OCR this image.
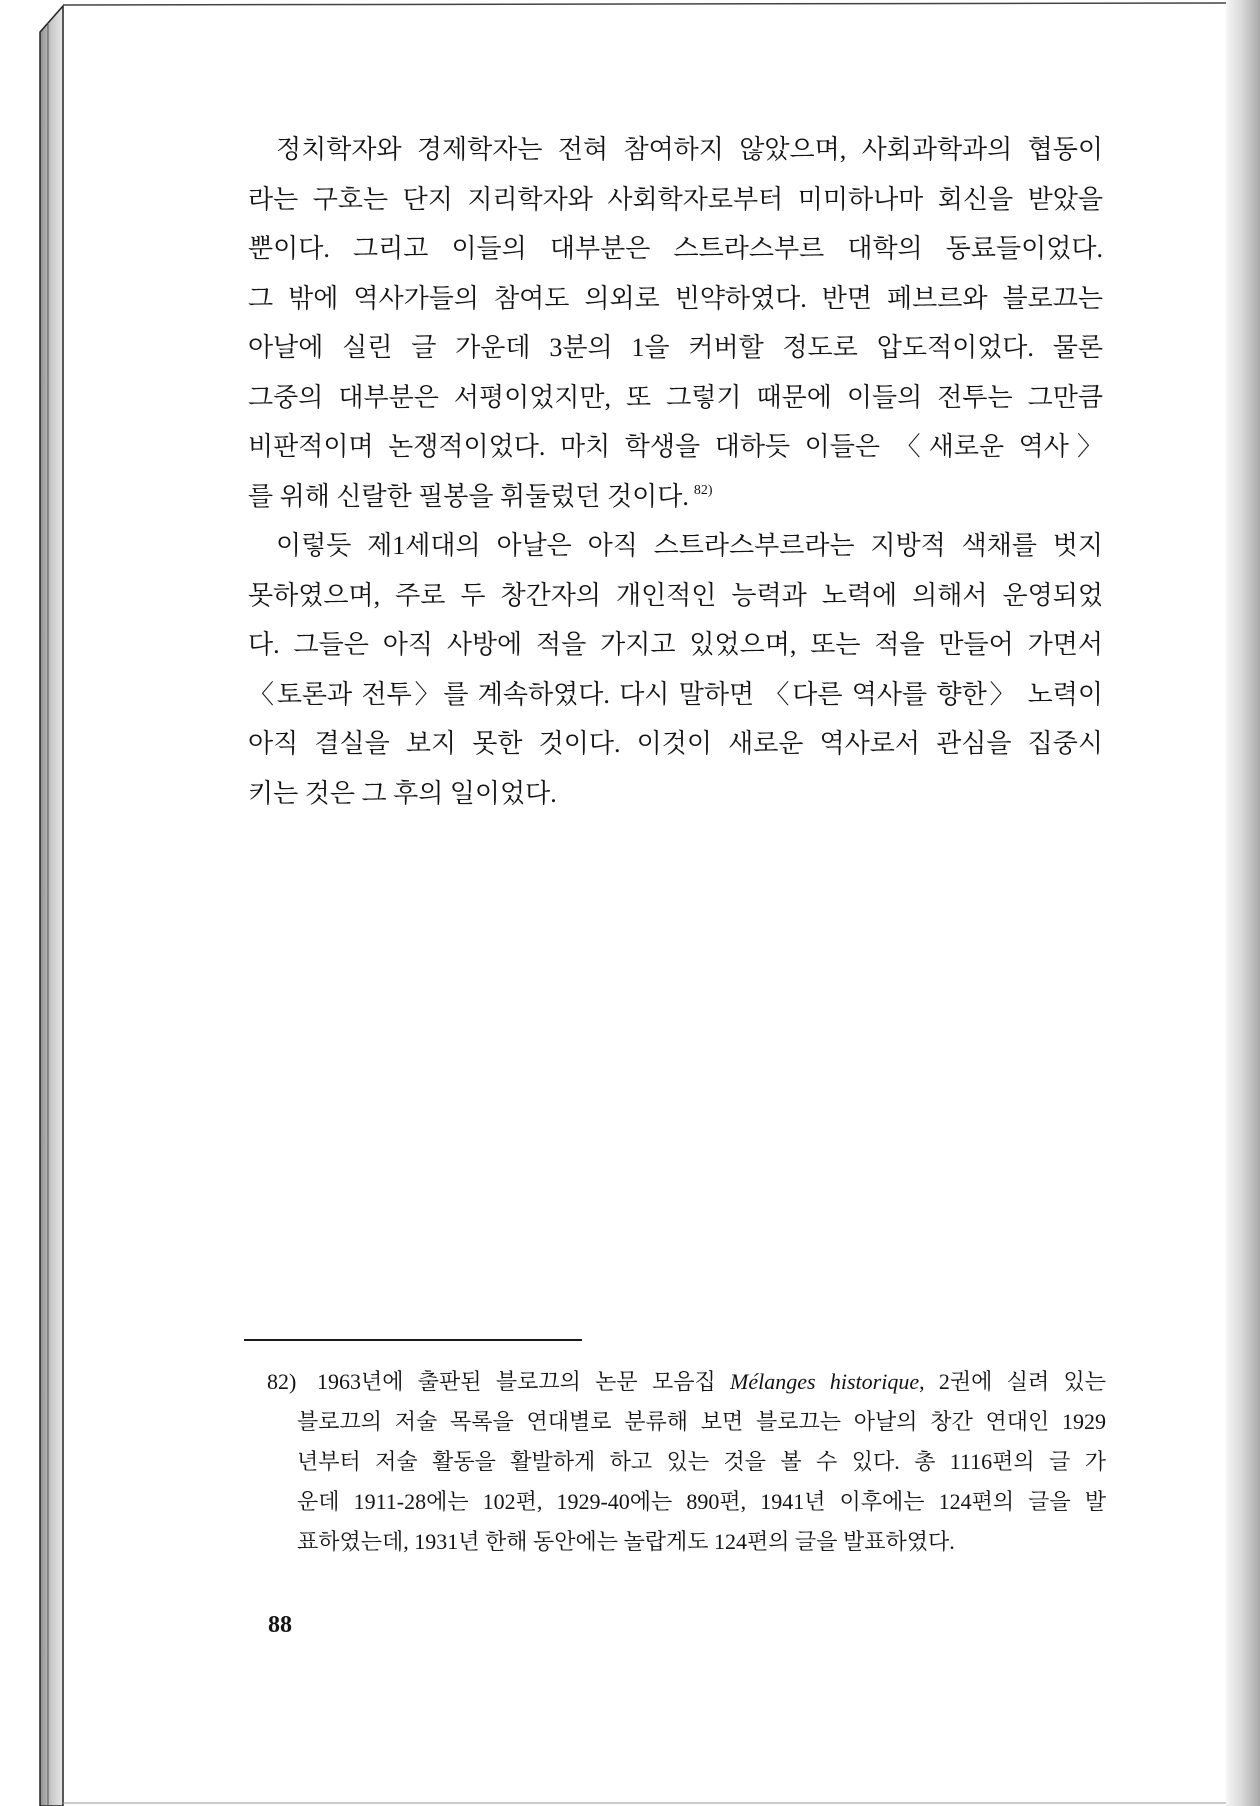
정치학자와 경제학자는 전혀 참여하지 않았으며, 사회과학과의 협동이
라는 구호는 단지 지리학자와 사회학자로부터 미미하나마 회신을 받았을
뿐이다. 그리고 이들의 대부분은 스트라스부르 대학의 동료들이었다.
그 밖에 역사가들의 참여도 의외로 빈약하였다. 반면 페브르와 블로끄는
아날에 실린 글 가운데 3분의 1을 커버할 정도로 압도적이었다. 물론
그중의 대부분은 서평이었지만, 또 그렇기 때문에 이들의 전투는 그만큼
비판적이며 논쟁적이었다. 마치 학생을 대하듯 이들은 〈새로운 역사〉
를 위해 신랄한 필봉을 휘둘렀던 것이다. $^{82)}$
이렇듯 제1세대의 아날은 아직 스트라스부르라는 지방적 색채를 벗지
못하였으며, 주로 두 창간자의 개인적인 능력과 노력에 의해서 운영되었
다. 그들은 아직 사방에 적을 가지고 있었으며, 또는 적을 만들어 가면서
〈토론과 전투〉를 계속하였다. 다시 말하면 〈다른 역사를 향한〉 노력이
아직 결실을 보지 못한 것이다. 이것이 새로운 역사로서 관심을 집중시
키는 것은 그 후의 일이었다.
82) 1963년에 출판된 블로끄의 논문 모음집 Mélanges historique, 2권에 실려 있는
블로끄의 저술 목록을 연대별로 분류해 보면 블로끄는 아날의 창간 연대인 1929
년부터 저술 활동을 활발하게 하고 있는 것을 볼 수 있다. 총 1116편의 글 가
운데 1911-28에는 102편, 1929-40에는 890편, 1941년 이후에는 124편의 글을 발
표하였는데, 1931년 한해 동안에는 놀랍게도 124편의 글을 발표하였다.
88
